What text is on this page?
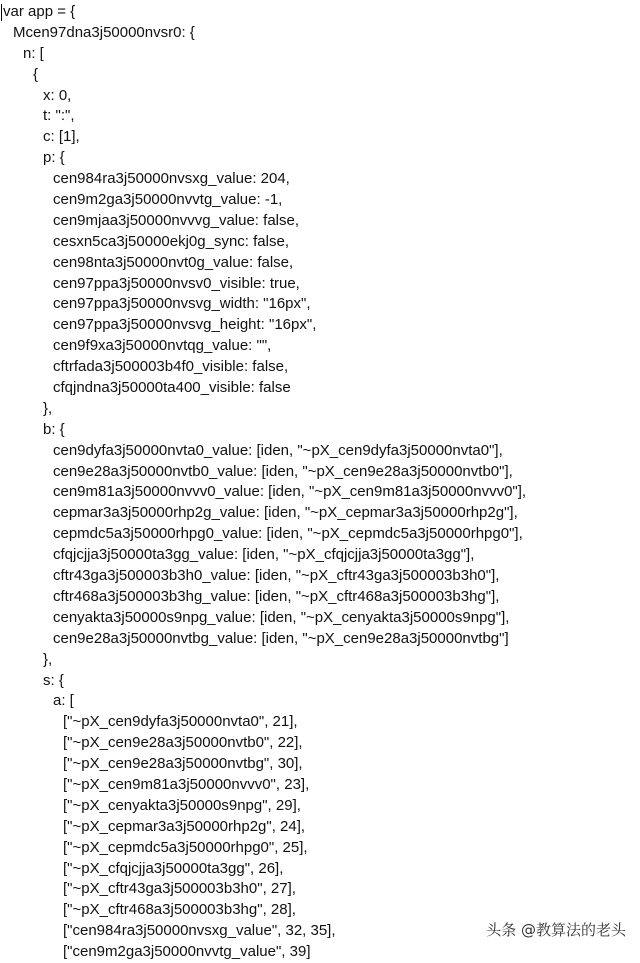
var app = {
Mcen97dna3j50000nvsr0: {
n: [
{
x: 0,
t: ":",
c: [1],
p: {
cen984ra3j50000nvsxg_value: 204,
cen9m2ga3j50000nvvtg_value: -1,
cen9mjaa3j50000nvvvg_value: false,
cesxn5ca3j50000ekj0g_sync: false,
cen98nta3j50000nvt0g_value: false,
cen97ppa3j50000nvsv0_visible: true,
cen97ppa3j50000nvsvg_width: "16px",
cen97ppa3j50000nvsvg_height: "16px",
cen9f9xa3j50000nvtqg_value: "",
cftrfada3j500003b4f0_visible: false,
cfqjndna3j50000ta400_visible: false
},
b: {
cen9dyfa3j50000nvta0_value: [iden, "~pX_cen9dyfa3j50000nvta0"],
cen9e28a3j50000nvtb0_value: [iden, "~pX_cen9e28a3j50000nvtb0"],
cen9m81a3j50000nvvv0_value: [iden, "~pX_cen9m81a3j50000nvvv0"],
cepmar3a3j50000rhp2g_value: [iden, "~pX_cepmar3a3j50000rhp2g"],
cepmdc5a3j50000rhpg0_value: [iden, "~pX_cepmdc5a3j50000rhpg0"],
cfqjcjja3j50000ta3gg_value: [iden, "~pX_cfqjcjja3j50000ta3gg"],
cftr43ga3j500003b3h0_value: [iden, "~pX_cftr43ga3j500003b3h0"],
cftr468a3j500003b3hg_value: [iden, "~pX_cftr468a3j500003b3hg"],
cenyakta3j50000s9npg_value: [iden, "~pX_cenyakta3j50000s9npg"],
cen9e28a3j50000nvtbg_value: [iden, "~pX_cen9e28a3j50000nvtbg"]
},
s: {
a: [
["~pX_cen9dyfa3j50000nvta0", 21],
["~pX_cen9e28a3j50000nvtb0", 22],
["~pX_cen9e28a3j50000nvtbg", 30],
["~pX_cen9m81a3j50000nvvv0", 23],
["~pX_cenyakta3j50000s9npg", 29],
["~pX_cepmar3a3j50000rhp2g", 24],
["~pX_cepmdc5a3j50000rhpg0", 25],
["~pX_cfqjcjja3j50000ta3gg", 26],
["~pX_cftr43ga3j500003b3h0", 27],
["~pX_cftr468a3j500003b3hg", 28],
["cen984ra3j50000nvsxg_value", 32, 35],
["cen9m2ga3j50000nvvtg_value", 39]
头条 @教算法的老头
